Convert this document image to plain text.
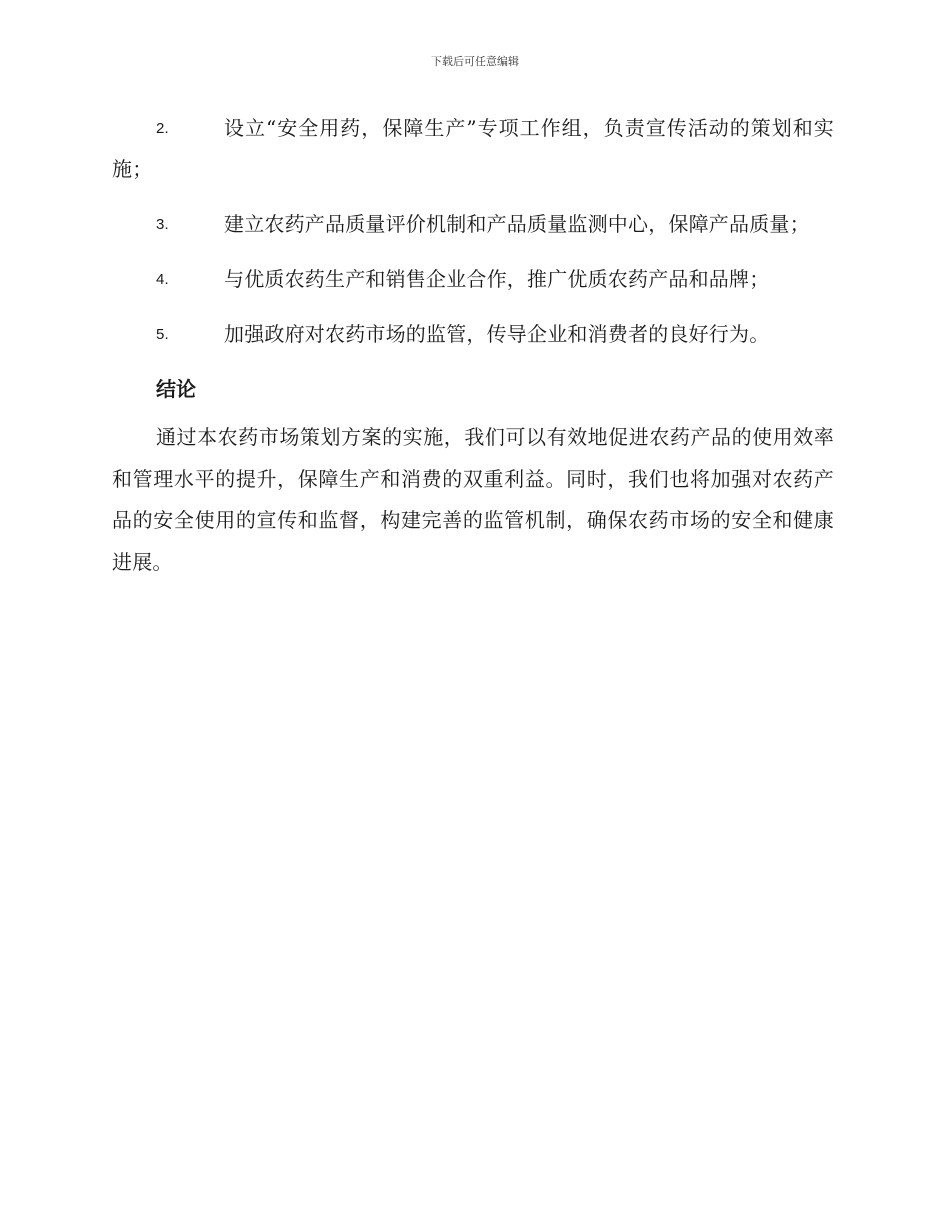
下载后可任意编辑
2.	设立“安全用药，保障生产”专项工作组，负责宣传活动的策划和实施；
3.	建立农药产品质量评价机制和产品质量监测中心，保障产品质量；
4.	与优质农药生产和销售企业合作，推广优质农药产品和品牌；
5.	加强政府对农药市场的监管，传导企业和消费者的良好行为。
结论

通过本农药市场策划方案的实施，我们可以有效地促进农药产品的使用效率和管理水平的提升，保障生产和消费的双重利益。同时，我们也将加强对农药产品的安全使用的宣传和监督，构建完善的监管机制，确保农药市场的安全和健康进展。
